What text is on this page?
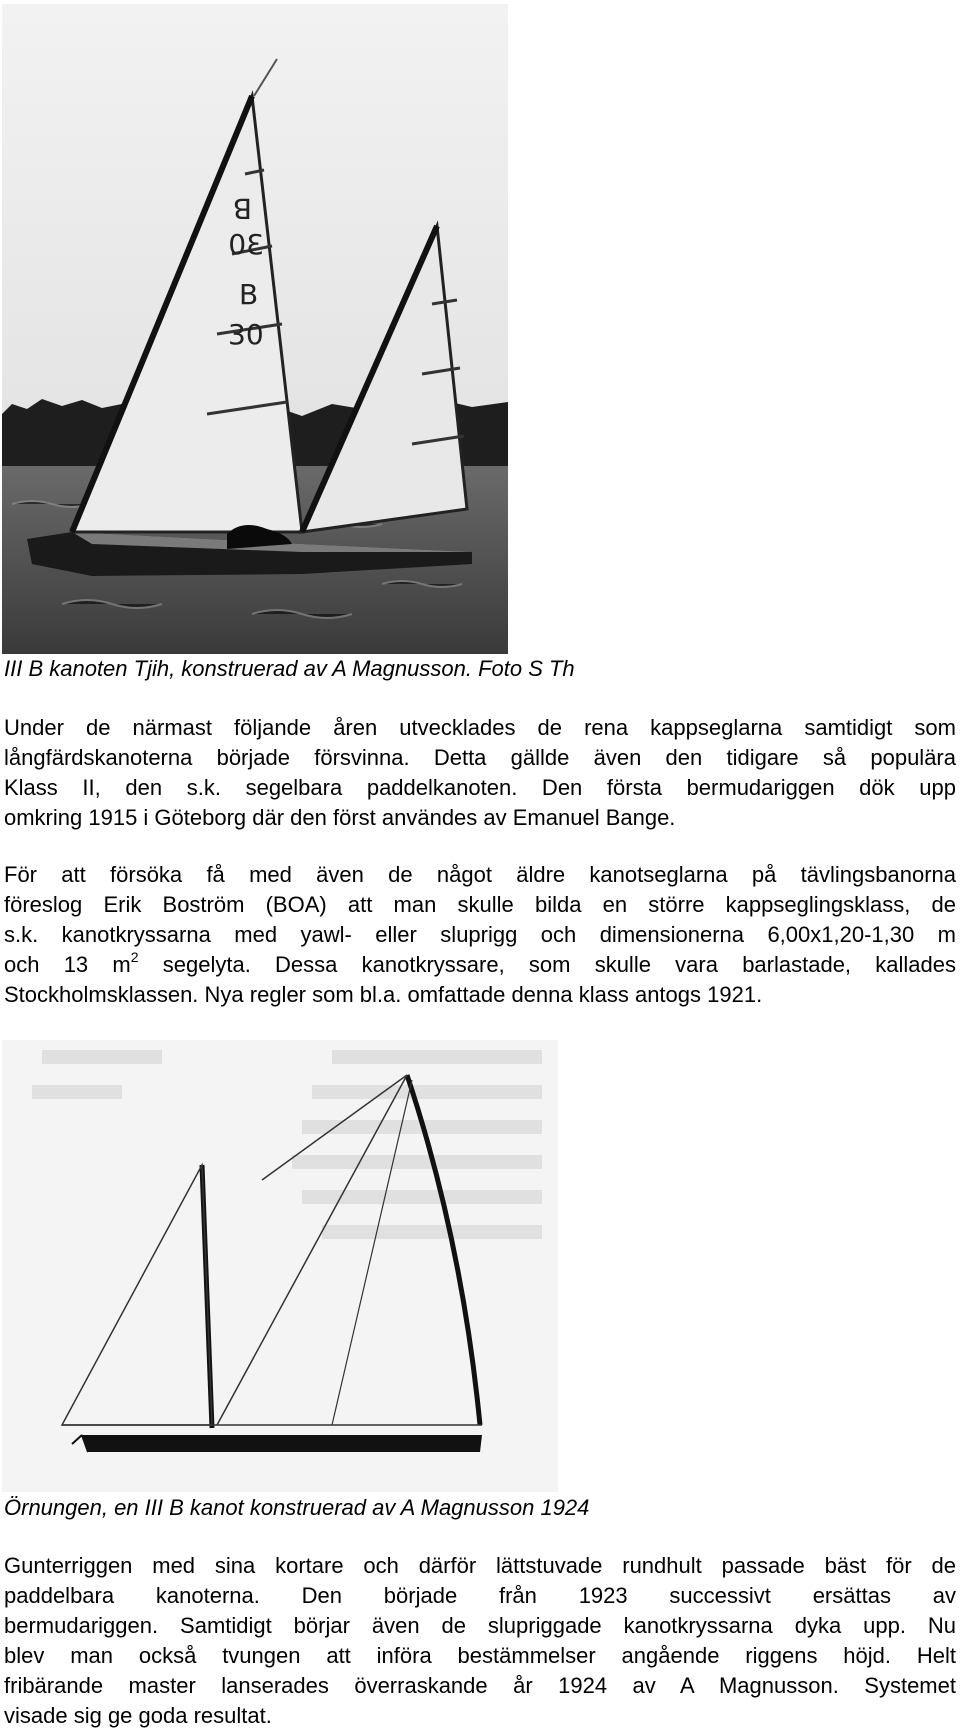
B
30
B
30
III B kanoten Tjih, konstruerad av A Magnusson. Foto S Th
Under de närmast följande åren utvecklades de rena kappseglarna samtidigt som
långfärdskanoterna började försvinna. Detta gällde även den tidigare så populära
Klass II, den s.k. segelbara paddelkanoten. Den första bermudariggen dök upp
omkring 1915 i Göteborg där den först användes av Emanuel Bange.
För att försöka få med även de något äldre kanotseglarna på tävlingsbanorna
föreslog Erik Boström (BOA) att man skulle bilda en större kappseglingsklass, de
s.k. kanotkryssarna med yawl- eller sluprigg och dimensionerna 6,00x1,20-1,30 m
och 13 $m^2$ segelyta. Dessa kanotkryssare, som skulle vara barlastade, kallades
Stockholmsklassen. Nya regler som bl.a. omfattade denna klass antogs 1921.
Örnungen, en III B kanot konstruerad av A Magnusson 1924
Gunterriggen med sina kortare och därför lättstuvade rundhult passade bäst för de
paddelbara kanoterna. Den började från 1923 successivt ersättas av
bermudariggen. Samtidigt börjar även de slupriggade kanotkryssarna dyka upp. Nu
blev man också tvungen att införa bestämmelser angående riggens höjd. Helt
fribärande master lanserades överraskande år 1924 av A Magnusson. Systemet
visade sig ge goda resultat.
